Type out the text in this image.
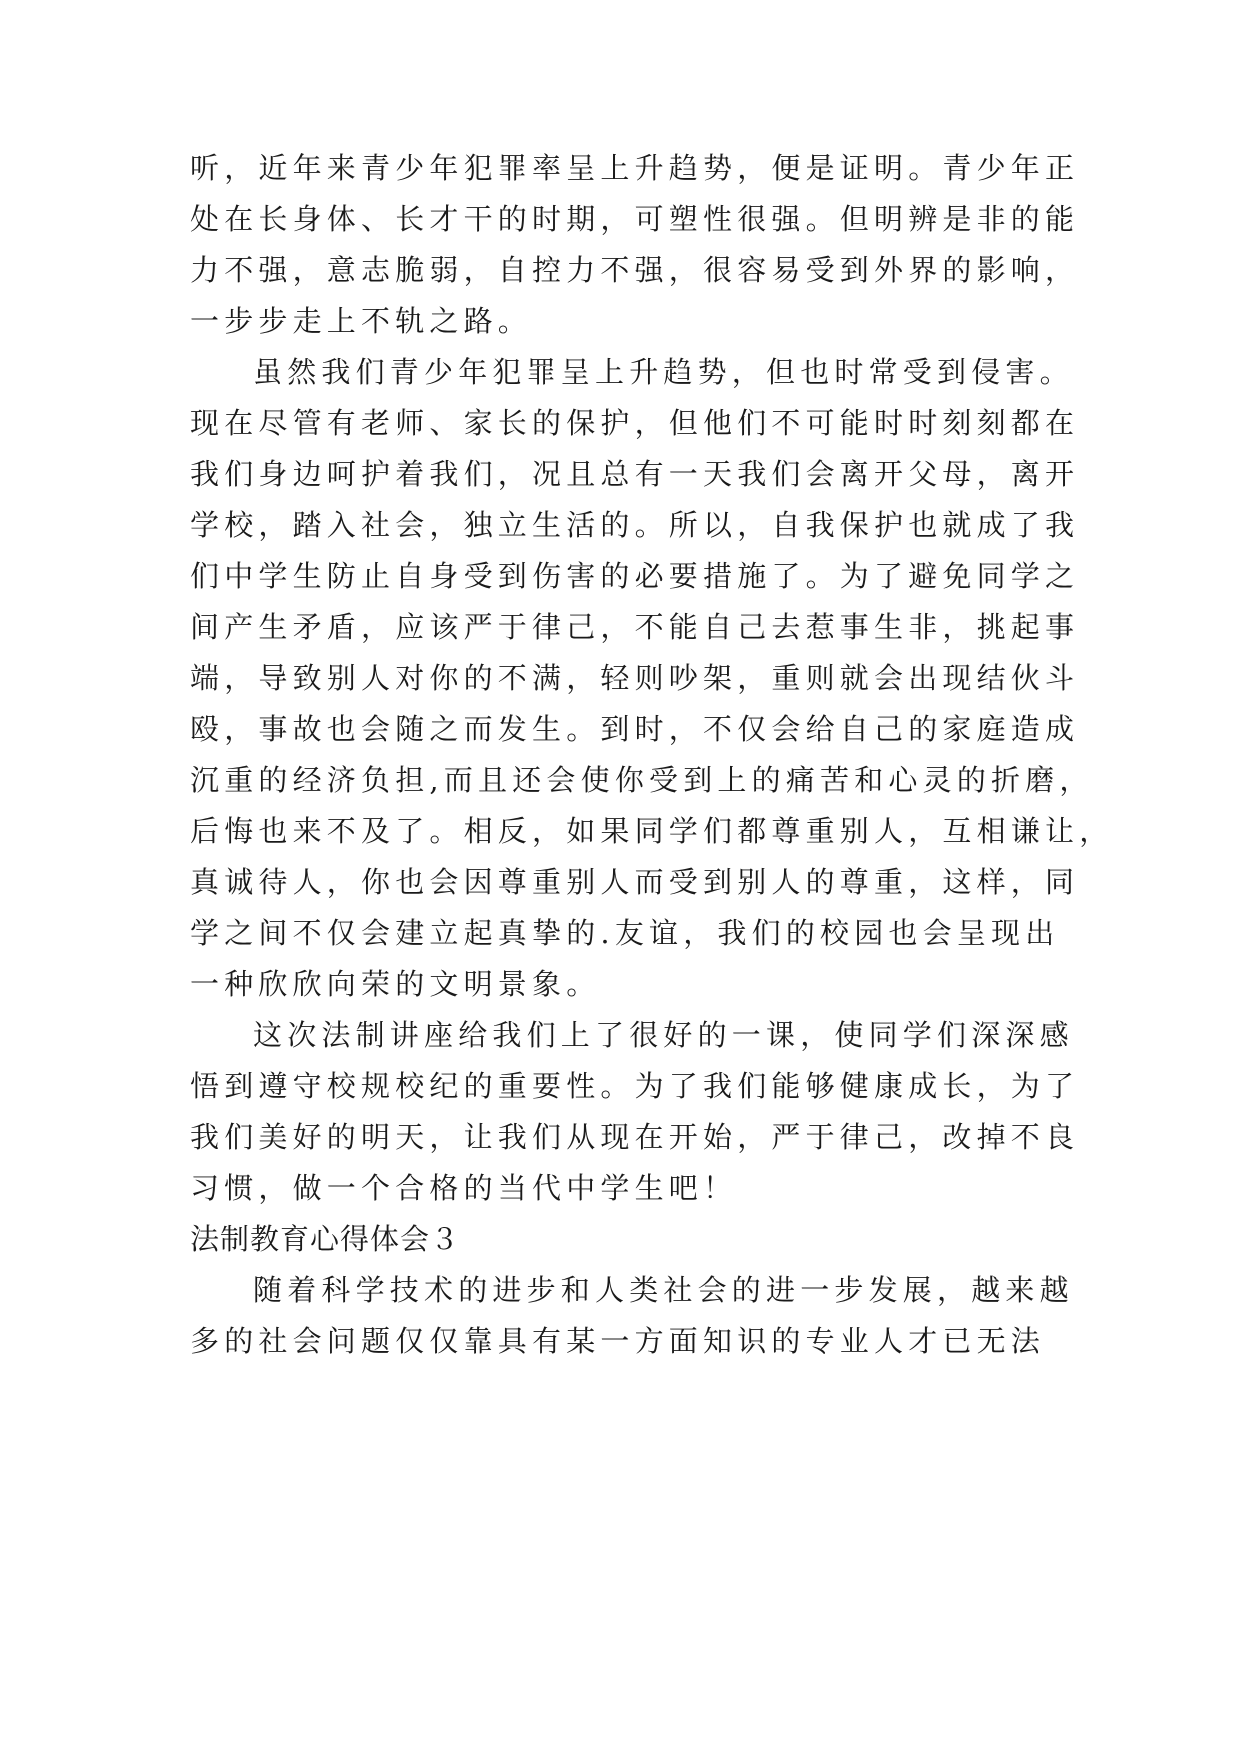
听，近年来青少年犯罪率呈上升趋势，便是证明。青少年正

处在长身体、长才干的时期，可塑性很强。但明辨是非的能

力不强，意志脆弱，自控力不强，很容易受到外界的影响，

一步步走上不轨之路。

虽然我们青少年犯罪呈上升趋势，但也时常受到侵害。

现在尽管有老师、家长的保护，但他们不可能时时刻刻都在

我们身边呵护着我们，况且总有一天我们会离开父母，离开

学校，踏入社会，独立生活的。所以，自我保护也就成了我

们中学生防止自身受到伤害的必要措施了。为了避免同学之

间产生矛盾，应该严于律己，不能自己去惹事生非，挑起事

端，导致别人对你的不满，轻则吵架，重则就会出现结伙斗

殴，事故也会随之而发生。到时，不仅会给自己的家庭造成

沉重的经济负担,而且还会使你受到上的痛苦和心灵的折磨，

后悔也来不及了。相反，如果同学们都尊重别人，互相谦让，

真诚待人，你也会因尊重别人而受到别人的尊重，这样，同

学之间不仅会建立起真挚的.友谊，我们的校园也会呈现出

一种欣欣向荣的文明景象。

这次法制讲座给我们上了很好的一课，使同学们深深感

悟到遵守校规校纪的重要性。为了我们能够健康成长，为了

我们美好的明天，让我们从现在开始，严于律己，改掉不良

习惯，做一个合格的当代中学生吧！

法制教育心得体会３

随着科学技术的进步和人类社会的进一步发展，越来越

多的社会问题仅仅靠具有某一方面知识的专业人才已无法
